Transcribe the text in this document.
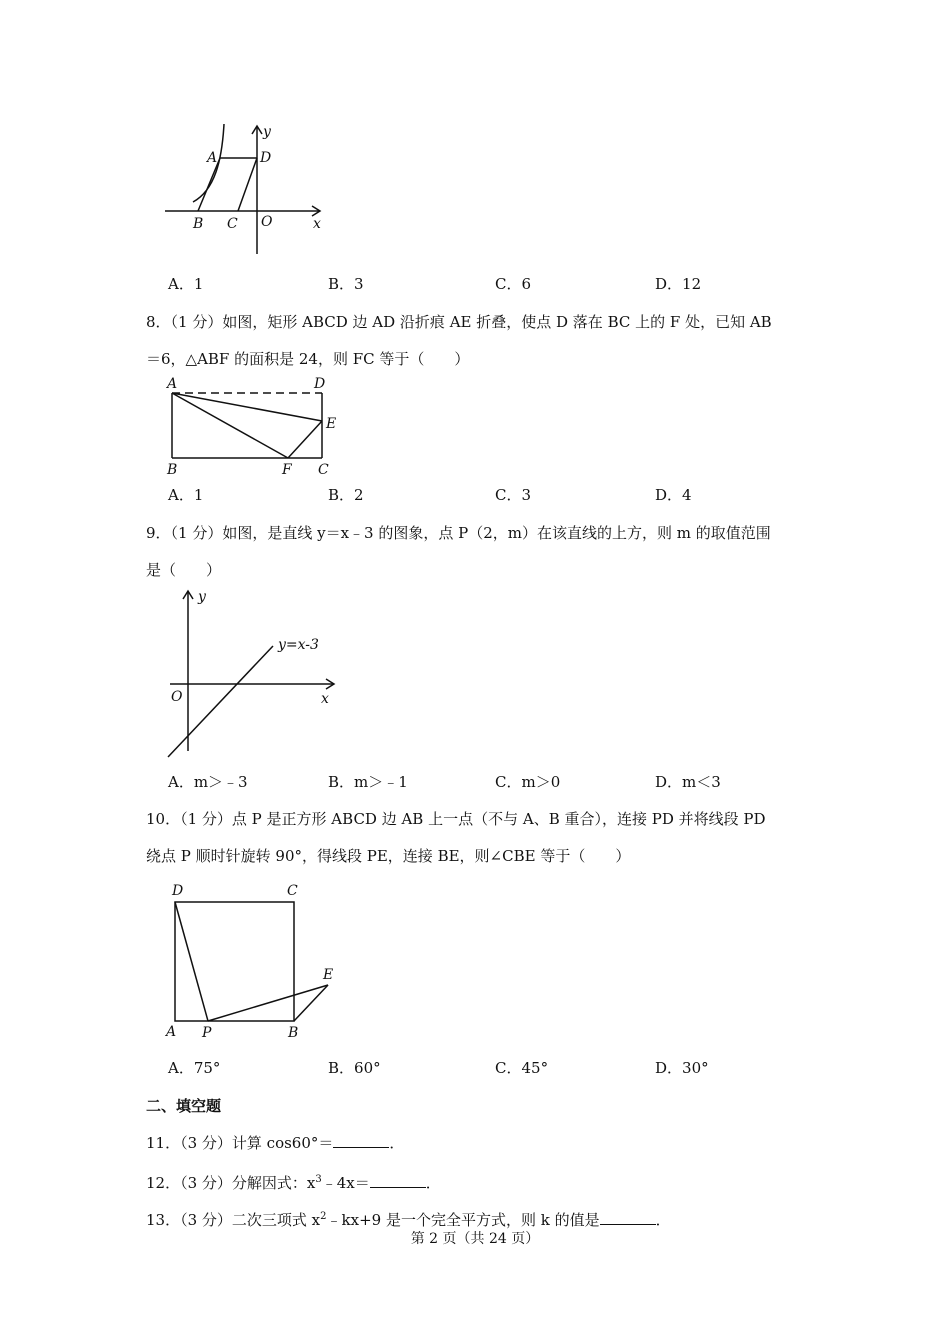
y
A	D
B C O	x
A．1	B．3	C．6	D．12
8．（1 分）如图，矩形 ABCD 边 AD 沿折痕 AE 折叠，使点 D 落在 BC 上的 F 处，已知 AB
＝6，△ABF 的面积是 24，则 FC 等于（　　）
A	D
E
B	F C
A．1	B．2	C．3	D．4
9．（1 分）如图，是直线 y＝x﹣3 的图象，点 P（2，m）在该直线的上方，则 m 的取值范围
是（　　）
y
y=x-3
O	x
A．m＞﹣3	B．m＞﹣1	C．m＞0	D．m＜3
10．（1 分）点 P 是正方形 ABCD 边 AB 上一点（不与 A、B 重合），连接 PD 并将线段 PD
绕点 P 顺时针旋转 90°，得线段 PE，连接 BE，则∠CBE 等于（　　）
D	C
E
A P	B
A．75°	B．60°	C．45°	D．30°
二、填空题
11．（3 分）计算 cos60°＝	．
12．（3 分）分解因式：$x^3﹣4x=$	．
13．（3 分）二次三项式 $x^2﹣kx+9$ 是一个完全平方式，则 k 的值是	．
第 2 页（共 24 页）
